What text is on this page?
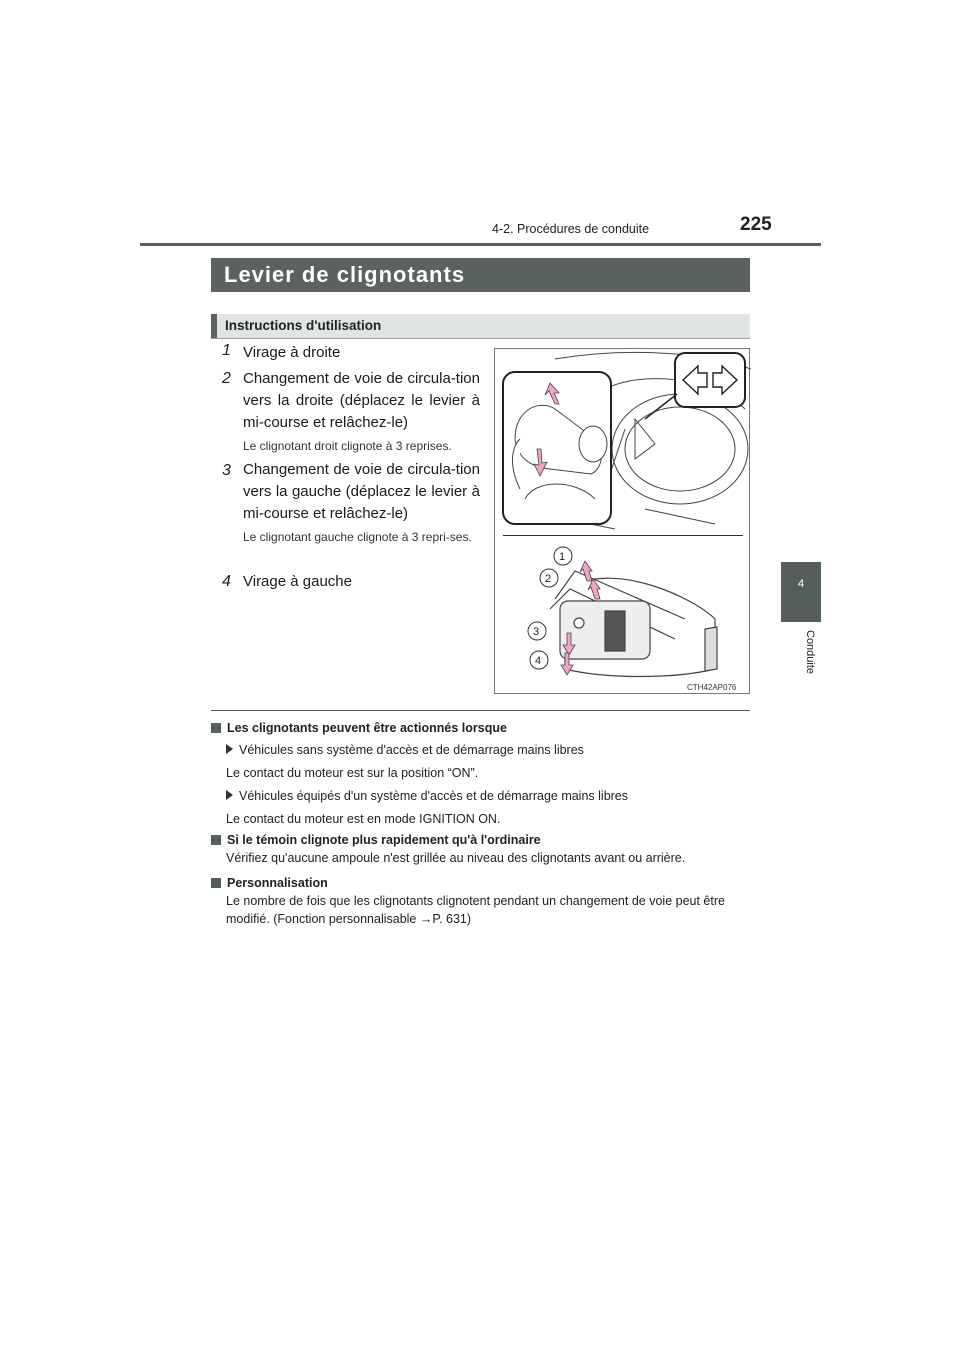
4-2. Procédures de conduite	225
4
Conduite
Levier de clignotants
Instructions d'utilisation
1 Virage à droite
2 Changement de voie de circula-tion vers la droite (déplacez le levier à mi-course et relâchez-le)
Le clignotant droit clignote à 3 reprises.
3 Changement de voie de circula-tion vers la gauche (déplacez le levier à mi-course et relâchez-le)
Le clignotant gauche clignote à 3 repri-ses.
4 Virage à gauche
1
2
3
4
CTH42AP076
Les clignotants peuvent être actionnés lorsque
Véhicules sans système d'accès et de démarrage mains libres
Le contact du moteur est sur la position “ON”.
Véhicules équipés d'un système d'accès et de démarrage mains libres
Le contact du moteur est en mode IGNITION ON.
Si le témoin clignote plus rapidement qu'à l'ordinaire
Vérifiez qu'aucune ampoule n'est grillée au niveau des clignotants avant ou arrière.
Personnalisation
Le nombre de fois que les clignotants clignotent pendant un changement de voie peut être modifié. (Fonction personnalisable →P. 631)
